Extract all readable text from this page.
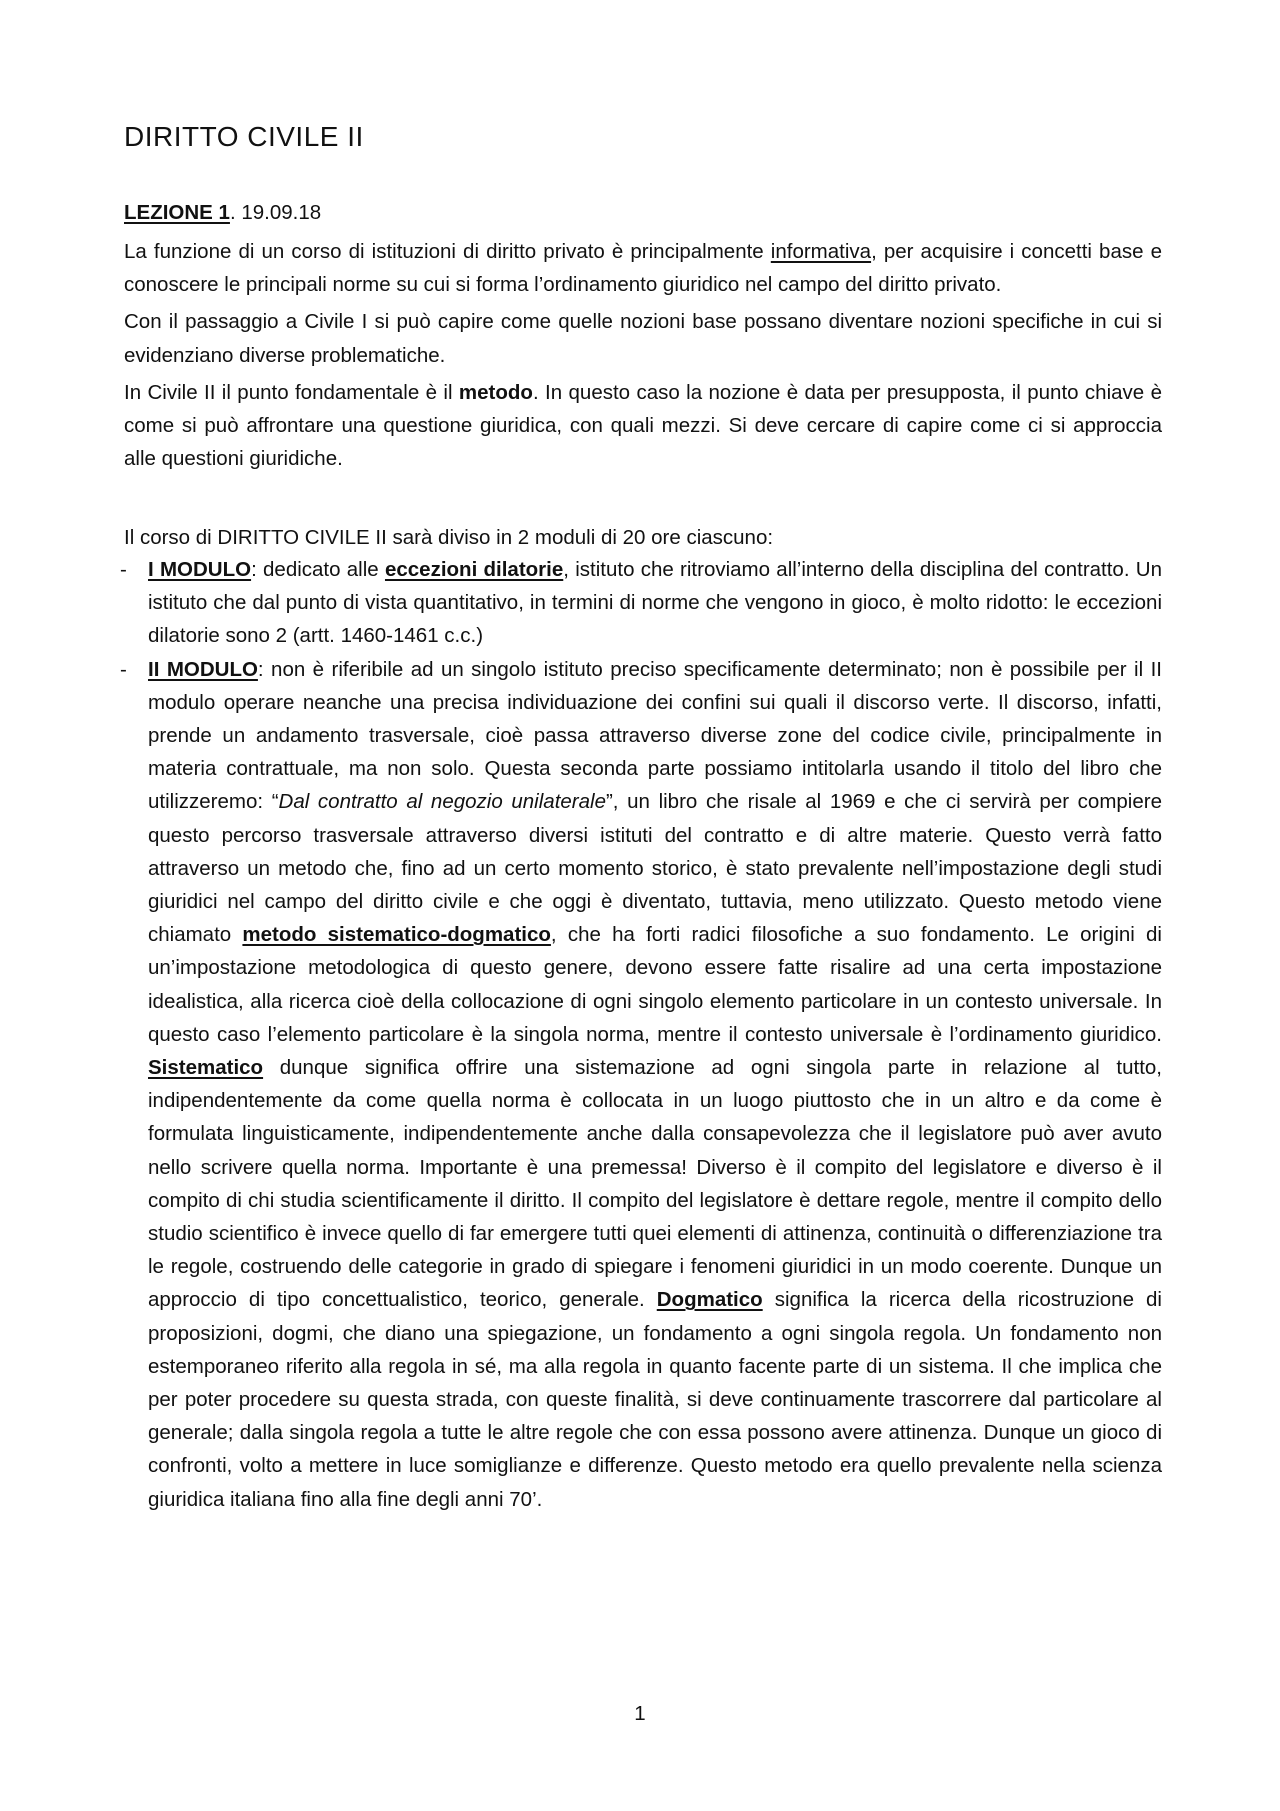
DIRITTO CIVILE II

LEZIONE 1. 19.09.18

La funzione di un corso di istituzioni di diritto privato è principalmente informativa, per acquisire i concetti base e conoscere le principali norme su cui si forma l’ordinamento giuridico nel campo del diritto privato.

Con il passaggio a Civile I si può capire come quelle nozioni base possano diventare nozioni specifiche in cui si evidenziano diverse problematiche.

In Civile II il punto fondamentale è il metodo. In questo caso la nozione è data per presupposta, il punto chiave è come si può affrontare una questione giuridica, con quali mezzi. Si deve cercare di capire come ci si approccia alle questioni giuridiche.

Il corso di DIRITTO CIVILE II sarà diviso in 2 moduli di 20 ore ciascuno:

- I MODULO: dedicato alle eccezioni dilatorie, istituto che ritroviamo all’interno della disciplina del contratto. Un istituto che dal punto di vista quantitativo, in termini di norme che vengono in gioco, è molto ridotto: le eccezioni dilatorie sono 2 (artt. 1460-1461 c.c.)
- II MODULO: non è riferibile ad un singolo istituto preciso specificamente determinato; non è possibile per il II modulo operare neanche una precisa individuazione dei confini sui quali il discorso verte. Il discorso, infatti, prende un andamento trasversale, cioè passa attraverso diverse zone del codice civile, principalmente in materia contrattuale, ma non solo. Questa seconda parte possiamo intitolarla usando il titolo del libro che utilizzeremo: “Dal contratto al negozio unilaterale”, un libro che risale al 1969 e che ci servirà per compiere questo percorso trasversale attraverso diversi istituti del contratto e di altre materie. Questo verrà fatto attraverso un metodo che, fino ad un certo momento storico, è stato prevalente nell’impostazione degli studi giuridici nel campo del diritto civile e che oggi è diventato, tuttavia, meno utilizzato. Questo metodo viene chiamato metodo sistematico-dogmatico, che ha forti radici filosofiche a suo fondamento. Le origini di un’impostazione metodologica di questo genere, devono essere fatte risalire ad una certa impostazione idealistica, alla ricerca cioè della collocazione di ogni singolo elemento particolare in un contesto universale. In questo caso l’elemento particolare è la singola norma, mentre il contesto universale è l’ordinamento giuridico. Sistematico dunque significa offrire una sistemazione ad ogni singola parte in relazione al tutto, indipendentemente da come quella norma è collocata in un luogo piuttosto che in un altro e da come è formulata linguisticamente, indipendentemente anche dalla consapevolezza che il legislatore può aver avuto nello scrivere quella norma. Importante è una premessa! Diverso è il compito del legislatore e diverso è il compito di chi studia scientificamente il diritto. Il compito del legislatore è dettare regole, mentre il compito dello studio scientifico è invece quello di far emergere tutti quei elementi di attinenza, continuità o differenziazione tra le regole, costruendo delle categorie in grado di spiegare i fenomeni giuridici in un modo coerente. Dunque un approccio di tipo concettualistico, teorico, generale. Dogmatico significa la ricerca della ricostruzione di proposizioni, dogmi, che diano una spiegazione, un fondamento a ogni singola regola. Un fondamento non estemporaneo riferito alla regola in sé, ma alla regola in quanto facente parte di un sistema. Il che implica che per poter procedere su questa strada, con queste finalità, si deve continuamente trascorrere dal particolare al generale; dalla singola regola a tutte le altre regole che con essa possono avere attinenza. Dunque un gioco di confronti, volto a mettere in luce somiglianze e differenze. Questo metodo era quello prevalente nella scienza giuridica italiana fino alla fine degli anni 70’.
1
